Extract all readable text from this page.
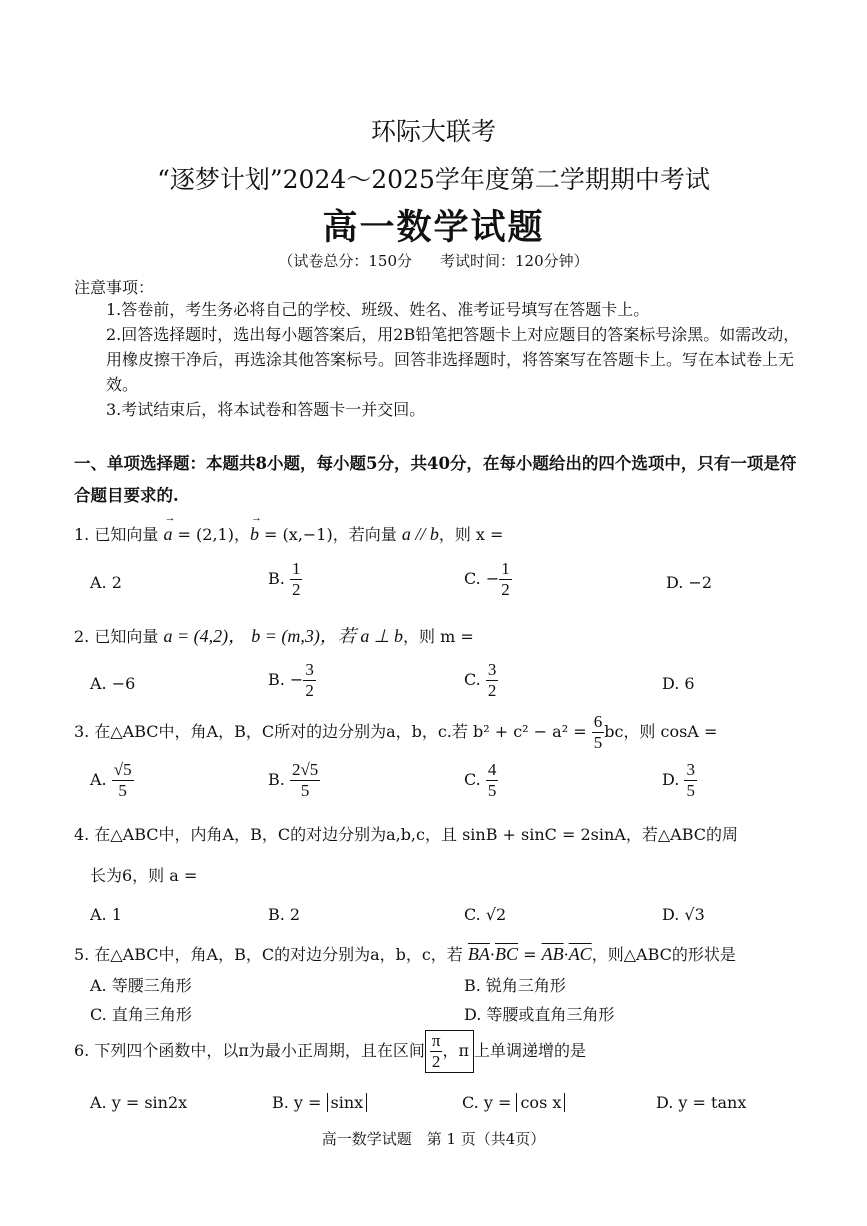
环际大联考
“逐梦计划”2024～2025学年度第二学期期中考试
高一数学试题
（试卷总分：150分 考试时间：120分钟）
注意事项：
1.答卷前，考生务必将自己的学校、班级、姓名、准考证号填写在答题卡上。
2.回答选择题时，选出每小题答案后，用2B铅笔把答题卡上对应题目的答案标号涂黑。如需改动，用橡皮擦干净后，再选涂其他答案标号。回答非选择题时，将答案写在答题卡上。写在本试卷上无效。
3.考试结束后，将本试卷和答题卡一并交回。
一、单项选择题：本题共8小题，每小题5分，共40分，在每小题给出的四个选项中，只有一项是符合题目要求的.
1. 已知向量 → a = (2,1)，→ b = (x,−1)，若向量 a // b，则 x =
A. 2	B. $\frac{1}{2}$	C. − $\frac{1}{2}$	D. −2
2. 已知向量 a = (4,2)， b = (m,3)，若 a ⊥ b，则 m =
A. −6	B. − $\frac{3}{2}$	C. $\frac{3}{2}$	D. 6
3. 在△ABC中，角A，B，C所对的边分别为a，b，c.若 $b^2 + c^2 - a^2 = \frac{6}{5}$ bc，则 cosA =
A. $\frac{√5}{5}$	B. $\frac{2√5}{5}$	C. $\frac{4}{5}$	D. $\frac{3}{5}$
4. 在△ABC中，内角A，B，C的对边分别为a,b,c，且 sinB + sinC = 2sinA，若△ABC的周
长为6，则 a =
A. 1	B. 2	C. √2	D. √3
5. 在△ABC中，角A，B，C的对边分别为a，b，c，若 $\overline{BA}\cdot\overline{BC} = \overline{AB}\cdot\overline{AC}$，则△ABC的形状是
A. 等腰三角形	B. 锐角三角形
C. 直角三角形	D. 等腰或直角三角形
6. 下列四个函数中，以π为最小正周期，且在区间 $\frac{\pi}{2}$ ，π 上单调递增的是
A. y = sin2x	B. y = sinx	C. y = cos x	D. y = tanx
高一数学试题　第 1 页（共4页）
